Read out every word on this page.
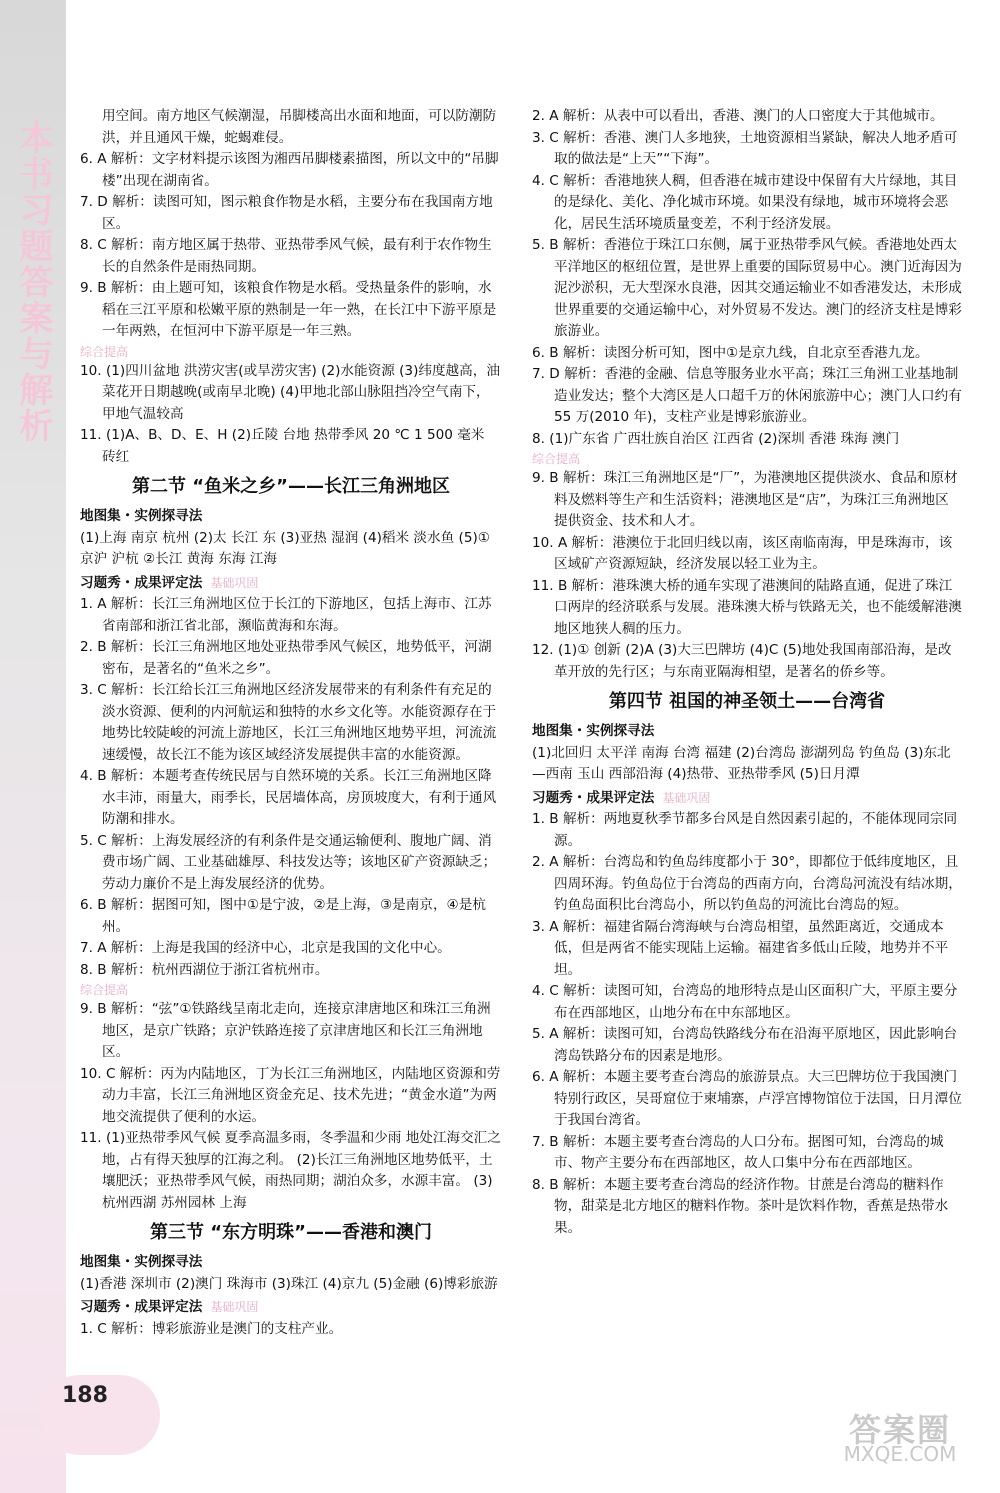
本书习题答案与解析

用空间。南方地区气候潮湿，吊脚楼高出水面和地面，可以防潮防洪，并且通风干燥，蛇蝎难侵。

6. A 解析：文字材料提示该图为湘西吊脚楼素描图，所以文中的“吊脚楼”出现在湖南省。

7. D 解析：读图可知，图示粮食作物是水稻，主要分布在我国南方地区。

8. C 解析：南方地区属于热带、亚热带季风气候，最有利于农作物生长的自然条件是雨热同期。

9. B 解析：由上题可知，该粮食作物是水稻。受热量条件的影响，水稻在三江平原和松嫩平原的熟制是一年一熟，在长江中下游平原是一年两熟，在恒河中下游平原是一年三熟。

综合提高

10. (1)四川盆地 洪涝灾害(或旱涝灾害) (2)水能资源 (3)纬度越高，油菜花开日期越晚(或南早北晚) (4)甲地北部山脉阻挡冷空气南下，甲地气温较高

11. (1)A、B、D、E、H (2)丘陵 台地 热带季风 20 ℃ 1 500 毫米 砖红

第二节 “鱼米之乡”——长江三角洲地区

地图集・实例探寻法

(1)上海 南京 杭州 (2)太 长江 东 (3)亚热 湿润 (4)稻米 淡水鱼 (5)①京沪 沪杭 ②长江 黄海 东海 江海

习题秀・成果评定法 基础巩固

1. A 解析：长江三角洲地区位于长江的下游地区，包括上海市、江苏省南部和浙江省北部，濒临黄海和东海。

2. B 解析：长江三角洲地区地处亚热带季风气候区，地势低平，河湖密布，是著名的“鱼米之乡”。

3. C 解析：长江给长江三角洲地区经济发展带来的有利条件有充足的淡水资源、便利的内河航运和独特的水乡文化等。水能资源存在于地势比较陡峻的河流上游地区，长江三角洲地区地势平坦，河流流速缓慢，故长江不能为该区域经济发展提供丰富的水能资源。

4. B 解析：本题考查传统民居与自然环境的关系。长江三角洲地区降水丰沛，雨量大，雨季长，民居墙体高，房顶坡度大，有利于通风防潮和排水。

5. C 解析：上海发展经济的有利条件是交通运输便利、腹地广阔、消费市场广阔、工业基础雄厚、科技发达等；该地区矿产资源缺乏；劳动力廉价不是上海发展经济的优势。

6. B 解析：据图可知，图中①是宁波，②是上海，③是南京，④是杭州。

7. A 解析：上海是我国的经济中心，北京是我国的文化中心。

8. B 解析：杭州西湖位于浙江省杭州市。

综合提高

9. B 解析：“弦”①铁路线呈南北走向，连接京津唐地区和珠江三角洲地区，是京广铁路；京沪铁路连接了京津唐地区和长江三角洲地区。

10. C 解析：丙为内陆地区，丁为长江三角洲地区，内陆地区资源和劳动力丰富，长江三角洲地区资金充足、技术先进；“黄金水道”为两地交流提供了便利的水运。

11. (1)亚热带季风气候 夏季高温多雨，冬季温和少雨 地处江海交汇之地，占有得天独厚的江海之利。 (2)长江三角洲地区地势低平，土壤肥沃；亚热带季风气候，雨热同期；湖泊众多，水源丰富。 (3)杭州西湖 苏州园林 上海

第三节 “东方明珠”——香港和澳门

地图集・实例探寻法

(1)香港 深圳市 (2)澳门 珠海市 (3)珠江 (4)京九 (5)金融 (6)博彩旅游

习题秀・成果评定法 基础巩固

1. C 解析：博彩旅游业是澳门的支柱产业。

2. A 解析：从表中可以看出，香港、澳门的人口密度大于其他城市。

3. C 解析：香港、澳门人多地狭，土地资源相当紧缺，解决人地矛盾可取的做法是“上天”“下海”。

4. C 解析：香港地狭人稠，但香港在城市建设中保留有大片绿地，其目的是绿化、美化、净化城市环境。如果没有绿地，城市环境将会恶化，居民生活环境质量变差，不利于经济发展。

5. B 解析：香港位于珠江口东侧，属于亚热带季风气候。香港地处西太平洋地区的枢纽位置，是世界上重要的国际贸易中心。澳门近海因为泥沙淤积，无大型深水良港，因其交通运输业不如香港发达，未形成世界重要的交通运输中心，对外贸易不发达。澳门的经济支柱是博彩旅游业。

6. B 解析：读图分析可知，图中①是京九线，自北京至香港九龙。

7. D 解析：香港的金融、信息等服务业水平高；珠江三角洲工业基地制造业发达；整个大湾区是人口超千万的休闲旅游中心；澳门人口约有 55 万(2010 年)，支柱产业是博彩旅游业。

8. (1)广东省 广西壮族自治区 江西省 (2)深圳 香港 珠海 澳门

综合提高

9. B 解析：珠江三角洲地区是“厂”，为港澳地区提供淡水、食品和原材料及燃料等生产和生活资料；港澳地区是“店”，为珠江三角洲地区提供资金、技术和人才。

10. A 解析：港澳位于北回归线以南，该区南临南海，甲是珠海市，该区域矿产资源短缺，经济发展以轻工业为主。

11. B 解析：港珠澳大桥的通车实现了港澳间的陆路直通，促进了珠江口两岸的经济联系与发展。港珠澳大桥与铁路无关，也不能缓解港澳地区地狭人稠的压力。

12. (1)① 创新 (2)A (3)大三巴牌坊 (4)C (5)地处我国南部沿海，是改革开放的先行区；与东南亚隔海相望，是著名的侨乡等。

第四节 祖国的神圣领土——台湾省

地图集・实例探寻法

(1)北回归 太平洋 南海 台湾 福建 (2)台湾岛 澎湖列岛 钓鱼岛 (3)东北—西南 玉山 西部沿海 (4)热带、亚热带季风 (5)日月潭

习题秀・成果评定法 基础巩固

1. B 解析：两地夏秋季节都多台风是自然因素引起的，不能体现同宗同源。

2. A 解析：台湾岛和钓鱼岛纬度都小于 30°，即都位于低纬度地区，且四周环海。钓鱼岛位于台湾岛的西南方向，台湾岛河流没有结冰期，钓鱼岛面积比台湾岛小，所以钓鱼岛的河流比台湾岛的短。

3. A 解析：福建省隔台湾海峡与台湾岛相望，虽然距离近，交通成本低，但是两省不能实现陆上运输。福建省多低山丘陵，地势并不平坦。

4. C 解析：读图可知，台湾岛的地形特点是山区面积广大，平原主要分布在西部地区，山地分布在中东部地区。

5. A 解析：读图可知，台湾岛铁路线分布在沿海平原地区，因此影响台湾岛铁路分布的因素是地形。

6. A 解析：本题主要考查台湾岛的旅游景点。大三巴牌坊位于我国澳门特别行政区，吴哥窟位于柬埔寨，卢浮宫博物馆位于法国，日月潭位于我国台湾省。

7. B 解析：本题主要考查台湾岛的人口分布。据图可知，台湾岛的城市、物产主要分布在西部地区，故人口集中分布在西部地区。

8. B 解析：本题主要考查台湾岛的经济作物。甘蔗是台湾岛的糖料作物，甜菜是北方地区的糖料作物。茶叶是饮料作物，香蕉是热带水果。

188
答案圈
MXQE.COM
